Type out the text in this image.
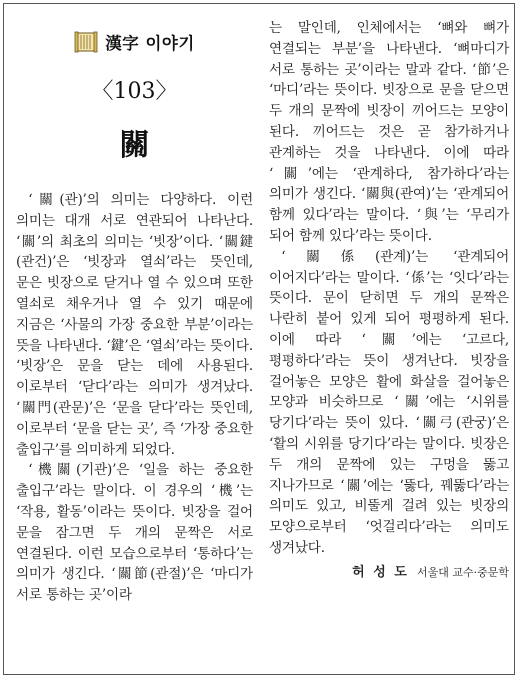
漢字 이야기
〈103〉
關

‘關(관)’의 의미는 다양하다. 이런 의미는 대개 서로 연관되어 나타난다. ‘關’의 최초의 의미는 ‘빗장’이다. ‘關鍵(관건)’은 ‘빗장과 열쇠’라는 뜻인데, 문은 빗장으로 닫거나 열 수 있으며 또한 열쇠로 채우거나 열 수 있기 때문에 지금은 ‘사물의 가장 중요한 부분’이라는 뜻을 나타낸다. ‘鍵’은 ‘열쇠’라는 뜻이다. ‘빗장’은 문을 닫는 데에 사용된다. 이로부터 ‘닫다’라는 의미가 생겨났다. ‘關門(관문)’은 ‘문을 닫다’라는 뜻인데, 이로부터 ‘문을 닫는 곳’, 즉 ‘가장 중요한 출입구’를 의미하게 되었다.

‘機關(기관)’은 ‘일을 하는 중요한 출입구’라는 말이다. 이 경우의 ‘機’는 ‘작용, 활동’이라는 뜻이다. 빗장을 걸어 문을 잠그면 두 개의 문짝은 서로 연결된다. 이런 모습으로부터 ‘통하다’는 의미가 생긴다. ‘關節(관절)’은 ‘마디가 서로 통하는 곳’이라

는 말인데, 인체에서는 ‘뼈와 뼈가 연결되는 부분’을 나타낸다. ‘뼈마디가 서로 통하는 곳’이라는 말과 같다. ‘節’은 ‘마디’라는 뜻이다. 빗장으로 문을 닫으면 두 개의 문짝에 빗장이 끼어드는 모양이 된다. 끼어드는 것은 곧 참가하거나 관계하는 것을 나타낸다. 이에 따라 ‘關’에는 ‘관계하다, 참가하다’라는 의미가 생긴다. ‘關與(관여)’는 ‘관계되어 함께 있다’라는 말이다. ‘與’는 ‘무리가 되어 함께 있다’라는 뜻이다.

‘關係(관계)’는 ‘관계되어 이어지다’라는 말이다. ‘係’는 ‘잇다’라는 뜻이다. 문이 닫히면 두 개의 문짝은 나란히 붙어 있게 되어 평평하게 된다. 이에 따라 ‘關’에는 ‘고르다, 평평하다’라는 뜻이 생겨난다. 빗장을 걸어놓은 모양은 활에 화살을 걸어놓은 모양과 비슷하므로 ‘關’에는 ‘시위를 당기다’라는 뜻이 있다. ‘關弓(관궁)’은 ‘활의 시위를 당기다’라는 말이다. 빗장은 두 개의 문짝에 있는 구멍을 뚫고 지나가므로 ‘關’에는 ‘뚫다, 꿰뚫다’라는 의미도 있고, 비뚤게 걸려 있는 빗장의 모양으로부터 ‘엇걸리다’라는 의미도 생겨났다.

허 성 도 서울대 교수·중문학
